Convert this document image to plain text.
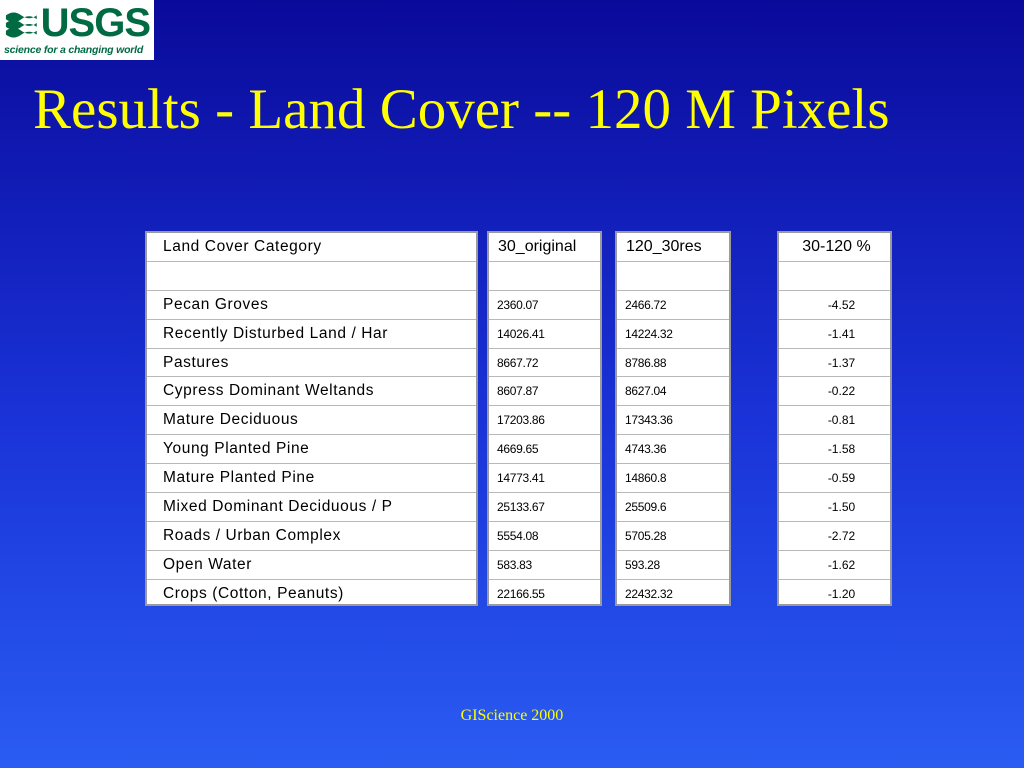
USGS
science for a changing world
Results - Land Cover -- 120 M Pixels
Land Cover Category
Pecan Groves
Recently Disturbed Land / Har
Pastures
Cypress Dominant Weltands
Mature Deciduous
Young Planted Pine
Mature Planted Pine
Mixed Dominant Deciduous / P
Roads / Urban Complex
Open Water
Crops (Cotton, Peanuts)
30_original
2360.07
14026.41
8667.72
8607.87
17203.86
4669.65
14773.41
25133.67
5554.08
583.83
22166.55
120_30res
2466.72
14224.32
8786.88
8627.04
17343.36
4743.36
14860.8
25509.6
5705.28
593.28
22432.32
30-120 %
-4.52
-1.41
-1.37
-0.22
-0.81
-1.58
-0.59
-1.50
-2.72
-1.62
-1.20
GIScience 2000
